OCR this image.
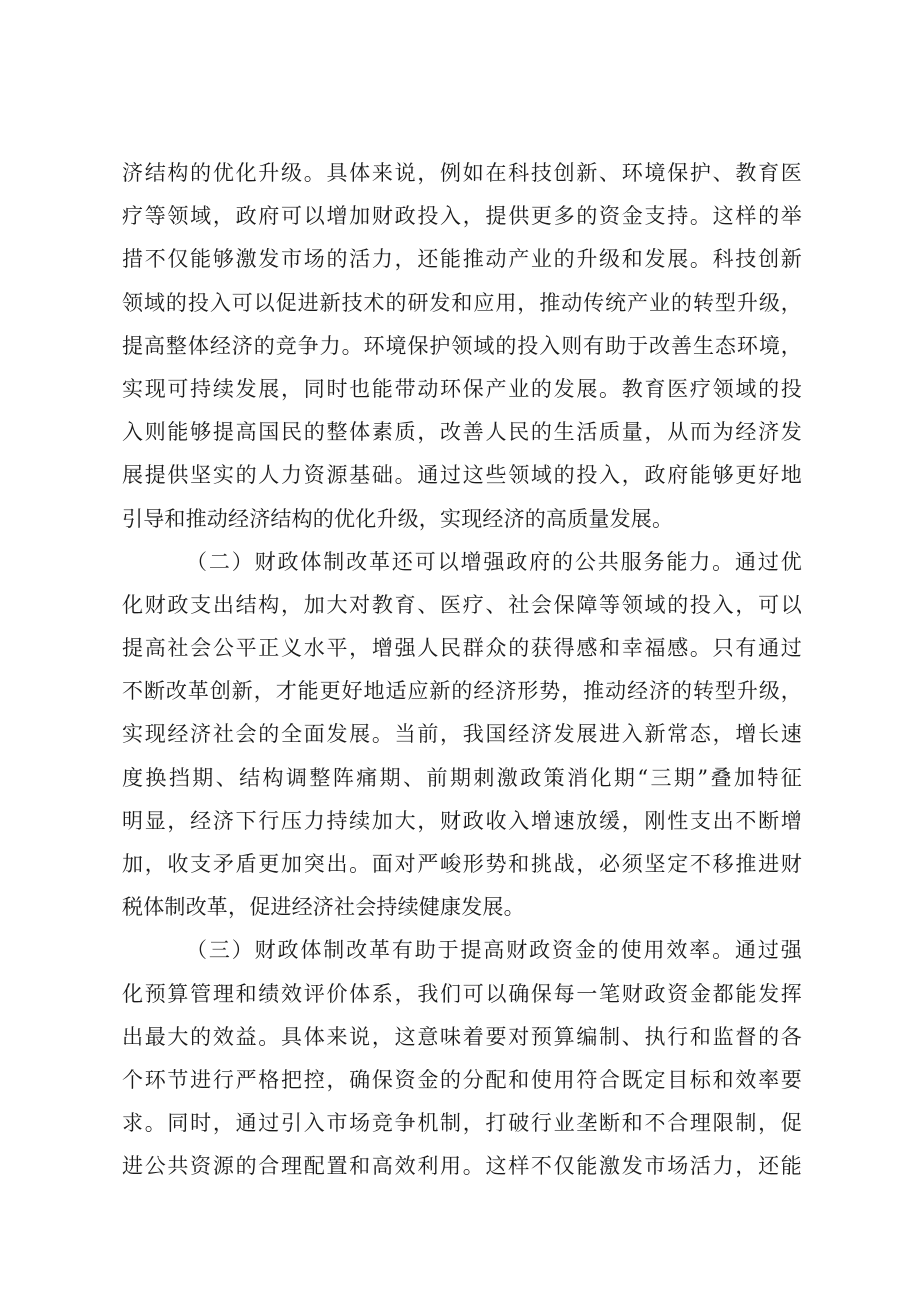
济结构的优化升级。具体来说，例如在科技创新、环境保护、教育医
疗等领域，政府可以增加财政投入，提供更多的资金支持。这样的举
措不仅能够激发市场的活力，还能推动产业的升级和发展。科技创新
领域的投入可以促进新技术的研发和应用，推动传统产业的转型升级，
提高整体经济的竞争力。环境保护领域的投入则有助于改善生态环境，
实现可持续发展，同时也能带动环保产业的发展。教育医疗领域的投
入则能够提高国民的整体素质，改善人民的生活质量，从而为经济发
展提供坚实的人力资源基础。通过这些领域的投入，政府能够更好地
引导和推动经济结构的优化升级，实现经济的高质量发展。
（二）财政体制改革还可以增强政府的公共服务能力。通过优
化财政支出结构，加大对教育、医疗、社会保障等领域的投入，可以
提高社会公平正义水平，增强人民群众的获得感和幸福感。只有通过
不断改革创新，才能更好地适应新的经济形势，推动经济的转型升级，
实现经济社会的全面发展。当前，我国经济发展进入新常态，增长速
度换挡期、结构调整阵痛期、前期刺激政策消化期“三期”叠加特征
明显，经济下行压力持续加大，财政收入增速放缓，刚性支出不断增
加，收支矛盾更加突出。面对严峻形势和挑战，必须坚定不移推进财
税体制改革，促进经济社会持续健康发展。
（三）财政体制改革有助于提高财政资金的使用效率。通过强
化预算管理和绩效评价体系，我们可以确保每一笔财政资金都能发挥
出最大的效益。具体来说，这意味着要对预算编制、执行和监督的各
个环节进行严格把控，确保资金的分配和使用符合既定目标和效率要
求。同时，通过引入市场竞争机制，打破行业垄断和不合理限制，促
进公共资源的合理配置和高效利用。这样不仅能激发市场活力，还能
